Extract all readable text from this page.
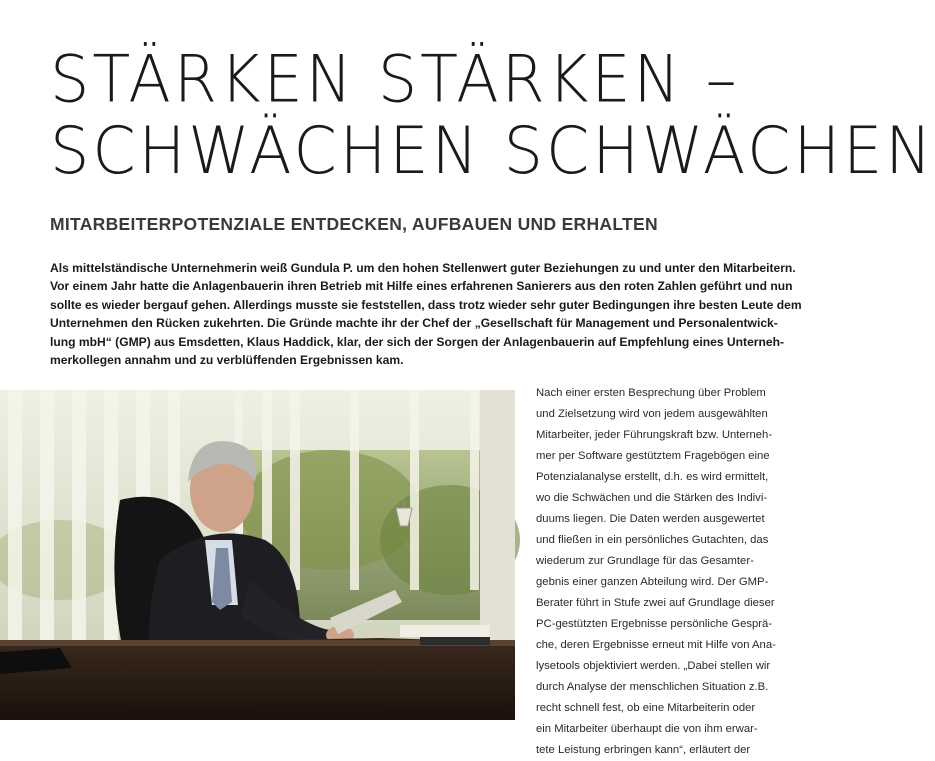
STÄRKEN STÄRKEN –
SCHWÄCHEN SCHWÄCHEN
MITARBEITERPOTENZIALE ENTDECKEN, AUFBAUEN UND ERHALTEN

Als mittelständische Unternehmerin weiß Gundula P. um den hohen Stellenwert guter Beziehungen zu und unter den Mitarbeitern.
Vor einem Jahr hatte die Anlagenbauerin ihren Betrieb mit Hilfe eines erfahrenen Sanierers aus den roten Zahlen geführt und nun
sollte es wieder bergauf gehen. Allerdings musste sie feststellen, dass trotz wieder sehr guter Bedingungen ihre besten Leute dem
Unternehmen den Rücken zukehrten. Die Gründe machte ihr der Chef der „Gesellschaft für Management und Personalentwick-
lung mbH“ (GMP) aus Emsdetten, Klaus Haddick, klar, der sich der Sorgen der Anlagenbauerin auf Empfehlung eines Unterneh-
merkollegen annahm und zu verblüffenden Ergebnissen kam.

Nach einer ersten Besprechung über Problem
und Zielsetzung wird von jedem ausgewählten
Mitarbeiter, jeder Führungskraft bzw. Unterneh-
mer per Software gestütztem Fragebögen eine
Potenzialanalyse erstellt, d.h. es wird ermittelt,
wo die Schwächen und die Stärken des Indivi-
duums liegen. Die Daten werden ausgewertet
und fließen in ein persönliches Gutachten, das
wiederum zur Grundlage für das Gesamter-
gebnis einer ganzen Abteilung wird. Der GMP-
Berater führt in Stufe zwei auf Grundlage dieser
PC-gestützten Ergebnisse persönliche Gesprä-
che, deren Ergebnisse erneut mit Hilfe von Ana-
lysetools objektiviert werden. „Dabei stellen wir
durch Analyse der menschlichen Situation z.B.
recht schnell fest, ob eine Mitarbeiterin oder
ein Mitarbeiter überhaupt die von ihm erwar-
tete Leistung erbringen kann“, erläutert der
